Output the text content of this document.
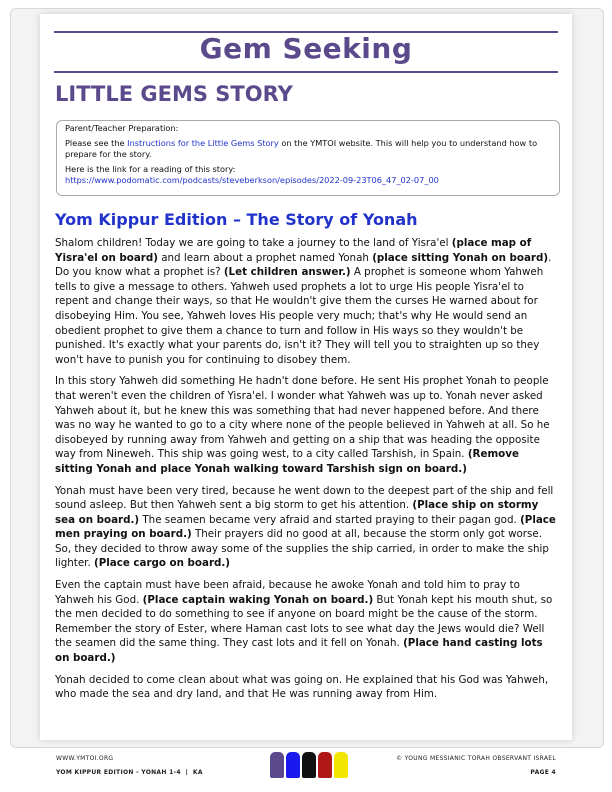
Gem Seeking
LITTLE GEMS STORY

Parent/Teacher Preparation:

Please see the Instructions for the Little Gems Story on the YMTOI website. This will help you to understand how to prepare for the story.

Here is the link for a reading of this story:

https://www.podomatic.com/podcasts/steveberkson/episodes/2022-09-23T06_47_02-07_00
Yom Kippur Edition – The Story of Yonah

Shalom children! Today we are going to take a journey to the land of Yisra'el (place map of Yisra'el on board) and learn about a prophet named Yonah (place sitting Yonah on board). Do you know what a prophet is? (Let children answer.) A prophet is someone whom Yahweh tells to give a message to others. Yahweh used prophets a lot to urge His people Yisra'el to repent and change their ways, so that He wouldn't give them the curses He warned about for disobeying Him. You see, Yahweh loves His people very much; that's why He would send an obedient prophet to give them a chance to turn and follow in His ways so they wouldn't be punished. It's exactly what your parents do, isn't it? They will tell you to straighten up so they won't have to punish you for continuing to disobey them.

In this story Yahweh did something He hadn't done before. He sent His prophet Yonah to people that weren't even the children of Yisra'el. I wonder what Yahweh was up to. Yonah never asked Yahweh about it, but he knew this was something that had never happened before. And there was no way he wanted to go to a city where none of the people believed in Yahweh at all. So he disobeyed by running away from Yahweh and getting on a ship that was heading the opposite way from Nineweh. This ship was going west, to a city called Tarshish, in Spain. (Remove sitting Yonah and place Yonah walking toward Tarshish sign on board.)

Yonah must have been very tired, because he went down to the deepest part of the ship and fell sound asleep. But then Yahweh sent a big storm to get his attention. (Place ship on stormy sea on board.) The seamen became very afraid and started praying to their pagan god. (Place men praying on board.) Their prayers did no good at all, because the storm only got worse. So, they decided to throw away some of the supplies the ship carried, in order to make the ship lighter. (Place cargo on board.)

Even the captain must have been afraid, because he awoke Yonah and told him to pray to Yahweh his God. (Place captain waking Yonah on board.) But Yonah kept his mouth shut, so the men decided to do something to see if anyone on board might be the cause of the storm. Remember the story of Ester, where Haman cast lots to see what day the Jews would die? Well the seamen did the same thing. They cast lots and it fell on Yonah. (Place hand casting lots on board.)

Yonah decided to come clean about what was going on. He explained that his God was Yahweh, who made the sea and dry land, and that He was running away from Him.

WWW.YMTOI.ORG
YOM KIPPUR EDITION - YONAH 1-4  |  KA
© YOUNG MESSIANIC TORAH OBSERVANT ISRAEL
PAGE 4
